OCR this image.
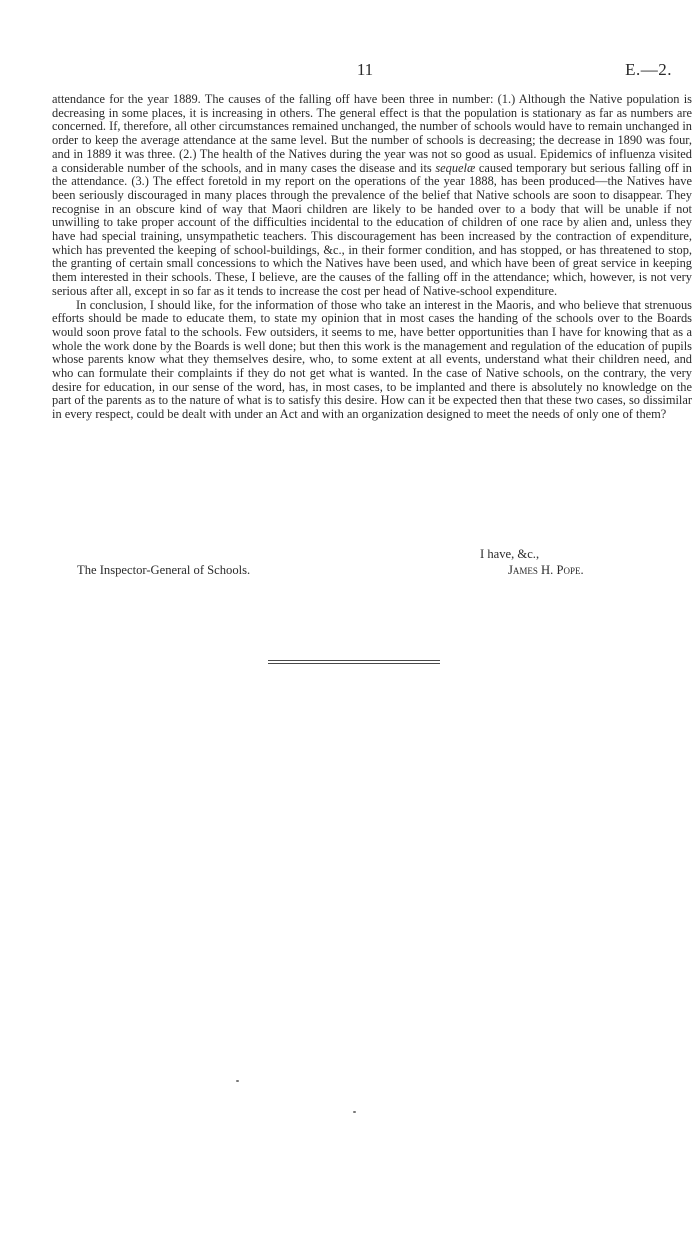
11	E.—2.

attendance for the year 1889. The causes of the falling off have been three in number: (1.) Although the Native population is decreasing in some places, it is increasing in others. The general effect is that the population is stationary as far as numbers are concerned. If, therefore, all other circumstances remained unchanged, the number of schools would have to remain unchanged in order to keep the average attendance at the same level. But the number of schools is decreasing; the decrease in 1890 was four, and in 1889 it was three. (2.) The health of the Natives during the year was not so good as usual. Epidemics of influenza visited a considerable number of the schools, and in many cases the disease and its sequelæ caused temporary but serious falling off in the attendance. (3.) The effect foretold in my report on the operations of the year 1888, has been produced—the Natives have been seriously discouraged in many places through the prevalence of the belief that Native schools are soon to disappear. They recognise in an obscure kind of way that Maori children are likely to be handed over to a body that will be unable if not unwilling to take proper account of the difficulties incidental to the education of children of one race by alien and, unless they have had special training, unsympathetic teachers. This discouragement has been increased by the contraction of expenditure, which has prevented the keeping of school-buildings, &c., in their former condition, and has stopped, or has threatened to stop, the granting of certain small concessions to which the Natives have been used, and which have been of great service in keeping them interested in their schools. These, I believe, are the causes of the falling off in the attendance; which, however, is not very serious after all, except in so far as it tends to increase the cost per head of Native-school expenditure.

In conclusion, I should like, for the information of those who take an interest in the Maoris, and who believe that strenuous efforts should be made to educate them, to state my opinion that in most cases the handing of the schools over to the Boards would soon prove fatal to the schools. Few outsiders, it seems to me, have better opportunities than I have for knowing that as a whole the work done by the Boards is well done; but then this work is the management and regulation of the education of pupils whose parents know what they themselves desire, who, to some extent at all events, understand what their children need, and who can formulate their complaints if they do not get what is wanted. In the case of Native schools, on the contrary, the very desire for education, in our sense of the word, has, in most cases, to be implanted and there is absolutely no knowledge on the part of the parents as to the nature of what is to satisfy this desire. How can it be expected then that these two cases, so dissimilar in every respect, could be dealt with under an Act and with an organization designed to meet the needs of only one of them?

I have, &c.,
The Inspector-General of Schools.	James H. Pope.
